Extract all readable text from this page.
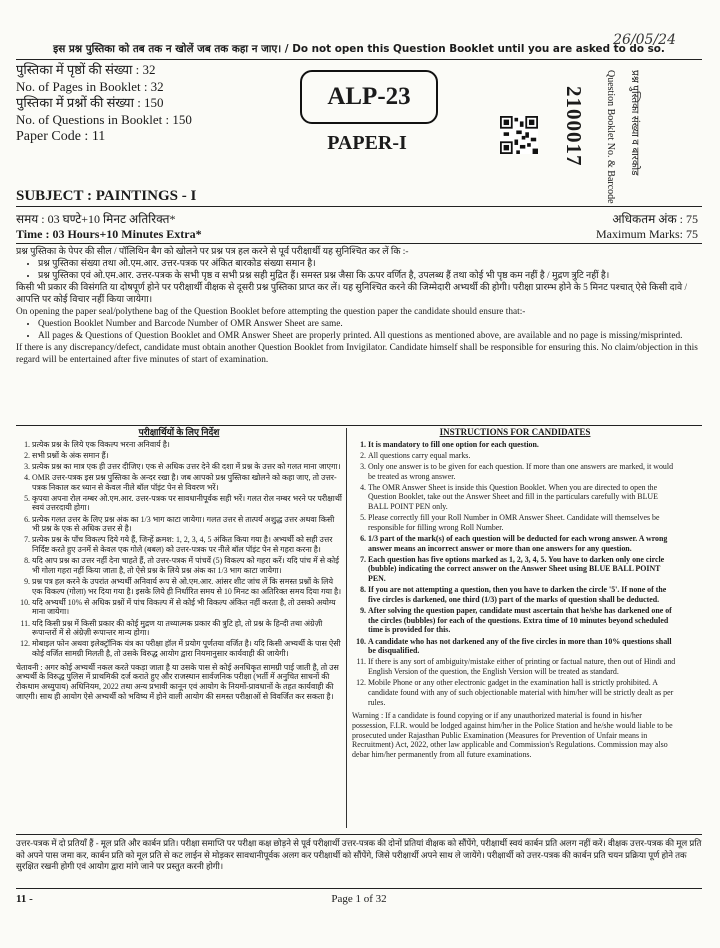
26/05/24
इस प्रश्न पुस्तिका को तब तक न खोलें जब तक कहा न जाए। / Do not open this Question Booklet until you are asked to do so.
पुस्तिका में पृष्ठों की संख्या : 32
No. of Pages in Booklet : 32
पुस्तिका में प्रश्नों की संख्या : 150
No. of Questions in Booklet : 150
Paper Code : 11
ALP-23
PAPER-I	2100017 Question Booklet No. & Barcode प्रश्न पुस्तिका संख्या व बारकोड
SUBJECT : PAINTINGS - I
समय : 03 घण्टे+10 मिनट अतिरिक्त*	अधिकतम अंक : 75
Time : 03 Hours+10 Minutes Extra*	Maximum Marks: 75

प्रश्न पुस्तिका के पेपर की सील / पॉलिथिन बैग को खोलने पर प्रश्न पत्र हल करने से पूर्व परीक्षार्थी यह सुनिश्चित कर लें कि :-

• प्रश्न पुस्तिका संख्या तथा ओ.एम.आर. उत्तर-पत्रक पर अंकित बारकोड संख्या समान है।
• प्रश्न पुस्तिका एवं ओ.एम.आर. उत्तर-पत्रक के सभी पृष्ठ व सभी प्रश्न सही मुद्रित हैं। समस्त प्रश्न जैसा कि ऊपर वर्णित है, उपलब्ध हैं तथा कोई भी पृष्ठ कम नहीं है / मुद्रण त्रुटि नहीं है।

किसी भी प्रकार की विसंगति या दोषपूर्ण होने पर परीक्षार्थी वीक्षक से दूसरी प्रश्न पुस्तिका प्राप्त कर लें। यह सुनिश्चित करने की जिम्मेदारी अभ्यर्थी की होगी। परीक्षा प्रारम्भ होने के 5 मिनट पश्चात् ऐसे किसी दावे / आपत्ति पर कोई विचार नहीं किया जायेगा।

On opening the paper seal/polythene bag of the Question Booklet before attempting the question paper the candidate should ensure that:-

• Question Booklet Number and Barcode Number of OMR Answer Sheet are same.
• All pages & Questions of Question Booklet and OMR Answer Sheet are properly printed. All questions as mentioned above, are available and no page is missing/misprinted.

If there is any discrepancy/defect, candidate must obtain another Question Booklet from Invigilator. Candidate himself shall be responsible for ensuring this. No claim/objection in this regard will be entertained after five minutes of start of examination.

परीक्षार्थियों के लिए निर्देश
1. प्रत्येक प्रश्न के लिये एक विकल्प भरना अनिवार्य है।
2. सभी प्रश्नों के अंक समान हैं।
3. प्रत्येक प्रश्न का मात्र एक ही उत्तर दीजिए। एक से अधिक उत्तर देने की दशा में प्रश्न के उत्तर को गलत माना जाएगा।
4. OMR उत्तर-पत्रक इस प्रश्न पुस्तिका के अन्दर रखा है। जब आपको प्रश्न पुस्तिका खोलने को कहा जाए, तो उत्तर-पत्रक निकाल कर ध्यान से केवल नीले बॉल पॉइंट पेन से विवरण भरें।
5. कृपया अपना रोल नम्बर ओ.एम.आर. उत्तर-पत्रक पर सावधानीपूर्वक सही भरें। गलत रोल नम्बर भरने पर परीक्षार्थी स्वयं उत्तरदायी होगा।
6. प्रत्येक गलत उत्तर के लिए प्रश्न अंक का 1/3 भाग काटा जायेगा। गलत उत्तर से तात्पर्य अशुद्ध उत्तर अथवा किसी भी प्रश्न के एक से अधिक उत्तर से है।
7. प्रत्येक प्रश्न के पाँच विकल्प दिये गये हैं, जिन्हें क्रमश: 1, 2, 3, 4, 5 अंकित किया गया है। अभ्यर्थी को सही उत्तर निर्दिष्ट करते हुए उनमें से केवल एक गोले (बबल) को उत्तर-पत्रक पर नीले बॉल पॉइंट पेन से गहरा करना है।
8. यदि आप प्रश्न का उत्तर नहीं देना चाहते हैं, तो उत्तर-पत्रक में पांचवें (5) विकल्प को गहरा करें। यदि पांच में से कोई भी गोला गहरा नहीं किया जाता है, तो ऐसे प्रश्न के लिये प्रश्न अंक का 1/3 भाग काटा जायेगा।
9. प्रश्न पत्र हल करने के उपरांत अभ्यर्थी अनिवार्य रूप से ओ.एम.आर. आंसर शीट जांच लें कि समस्त प्रश्नों के लिये एक विकल्प (गोला) भर दिया गया है। इसके लिये ही निर्धारित समय से 10 मिनट का अतिरिक्त समय दिया गया है।
10. यदि अभ्यर्थी 10% से अधिक प्रश्नों में पांच विकल्प में से कोई भी विकल्प अंकित नहीं करता है, तो उसको अयोग्य माना जायेगा।
11. यदि किसी प्रश्न में किसी प्रकार की कोई मुद्रण या तथ्यात्मक प्रकार की त्रुटि हो, तो प्रश्न के हिन्दी तथा अंग्रेज़ी रूपान्तरों में से अंग्रेज़ी रूपान्तर मान्य होगा।
12. मोबाइल फोन अथवा इलेक्ट्रॉनिक यंत्र का परीक्षा हॉल में प्रयोग पूर्णतया वर्जित है। यदि किसी अभ्यर्थी के पास ऐसी कोई वर्जित सामग्री मिलती है, तो उसके विरुद्ध आयोग द्वारा नियमानुसार कार्यवाही की जायेगी।
चेतावनी : अगर कोई अभ्यर्थी नकल करते पकड़ा जाता है या उसके पास से कोई अनधिकृत सामग्री पाई जाती है, तो उस अभ्यर्थी के विरुद्ध पुलिस में प्राथमिकी दर्ज कराते हुए और राजस्थान सार्वजनिक परीक्षा (भर्ती में अनुचित साधनों की रोकथाम अध्युपाय) अधिनियम, 2022 तथा अन्य प्रभावी कानून एवं आयोग के नियमों-प्रावधानों के तहत कार्यवाही की जाएगी। साथ ही आयोग ऐसे अभ्यर्थी को भविष्य में होने वाली आयोग की समस्त परीक्षाओं से विवर्जित कर सकता है।
INSTRUCTIONS FOR CANDIDATES
1. It is mandatory to fill one option for each question.
2. All questions carry equal marks.
3. Only one answer is to be given for each question. If more than one answers are marked, it would be treated as wrong answer.
4. The OMR Answer Sheet is inside this Question Booklet. When you are directed to open the Question Booklet, take out the Answer Sheet and fill in the particulars carefully with BLUE BALL POINT PEN only.
5. Please correctly fill your Roll Number in OMR Answer Sheet. Candidate will themselves be responsible for filling wrong Roll Number.
6. 1/3 part of the mark(s) of each question will be deducted for each wrong answer. A wrong answer means an incorrect answer or more than one answers for any question.
7. Each question has five options marked as 1, 2, 3, 4, 5. You have to darken only one circle (bubble) indicating the correct answer on the Answer Sheet using BLUE BALL POINT PEN.
8. If you are not attempting a question, then you have to darken the circle '5'. If none of the five circles is darkened, one third (1/3) part of the marks of question shall be deducted.
9. After solving the question paper, candidate must ascertain that he/she has darkened one of the circles (bubbles) for each of the questions. Extra time of 10 minutes beyond scheduled time is provided for this.
10. A candidate who has not darkened any of the five circles in more than 10% questions shall be disqualified.
11. If there is any sort of ambiguity/mistake either of printing or factual nature, then out of Hindi and English Version of the question, the English Version will be treated as standard.
12. Mobile Phone or any other electronic gadget in the examination hall is strictly prohibited. A candidate found with any of such objectionable material with him/her will be strictly dealt as per rules.
Warning : If a candidate is found copying or if any unauthorized material is found in his/her possession, F.I.R. would be lodged against him/her in the Police Station and he/she would liable to be prosecuted under Rajasthan Public Examination (Measures for Prevention of Unfair means in Recruitment) Act, 2022, other law applicable and Commission's Regulations. Commission may also debar him/her permanently from all future examinations.
उत्तर-पत्रक में दो प्रतियाँ हैं - मूल प्रति और कार्बन प्रति। परीक्षा समाप्ति पर परीक्षा कक्ष छोड़ने से पूर्व परीक्षार्थी उत्तर-पत्रक की दोनों प्रतियां वीक्षक को सौंपेंगे, परीक्षार्थी स्वयं कार्बन प्रति अलग नहीं करें। वीक्षक उत्तर-पत्रक की मूल प्रति को अपने पास जमा कर, कार्बन प्रति को मूल प्रति से कट लाईन से मोड़कर सावधानीपूर्वक अलग कर परीक्षार्थी को सौंपेंगे, जिसे परीक्षार्थी अपने साथ ले जायेंगे। परीक्षार्थी को उत्तर-पत्रक की कार्बन प्रति चयन प्रक्रिया पूर्ण होने तक सुरक्षित रखनी होगी एवं आयोग द्वारा मांगे जाने पर प्रस्तुत करनी होगी।
11 -	Page 1 of 32
